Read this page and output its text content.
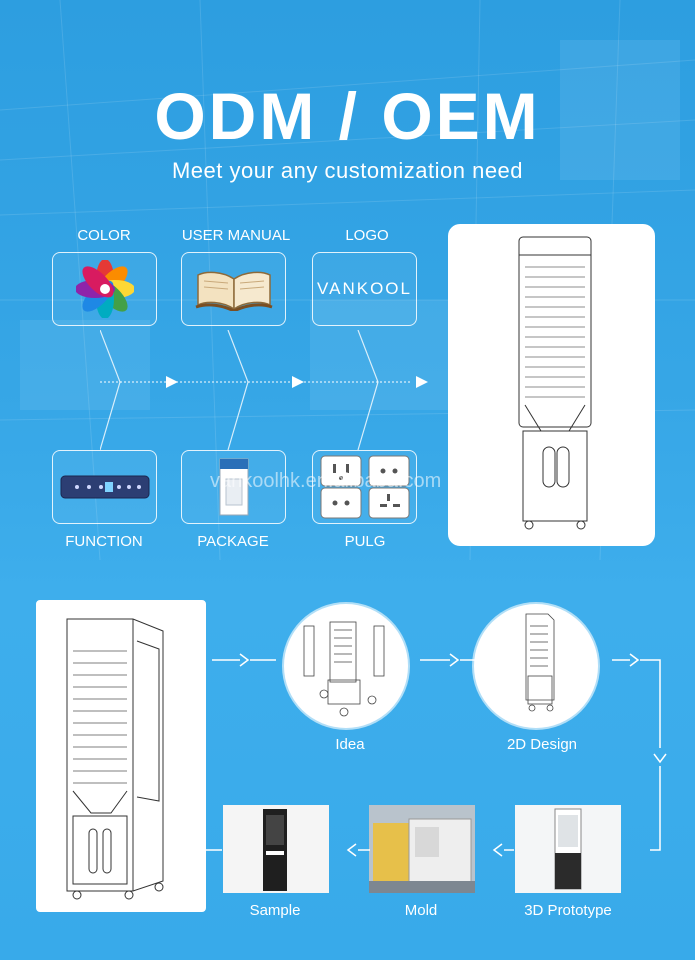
ODM / OEM
Meet your any customization need
COLOR	USER MANUAL	LOGO
VANKOOL
FUNCTION	PACKAGE	PULG
vankoolhk.en.alibaba.com
Idea	2D Design
3D Prototype
Mold
Sample
